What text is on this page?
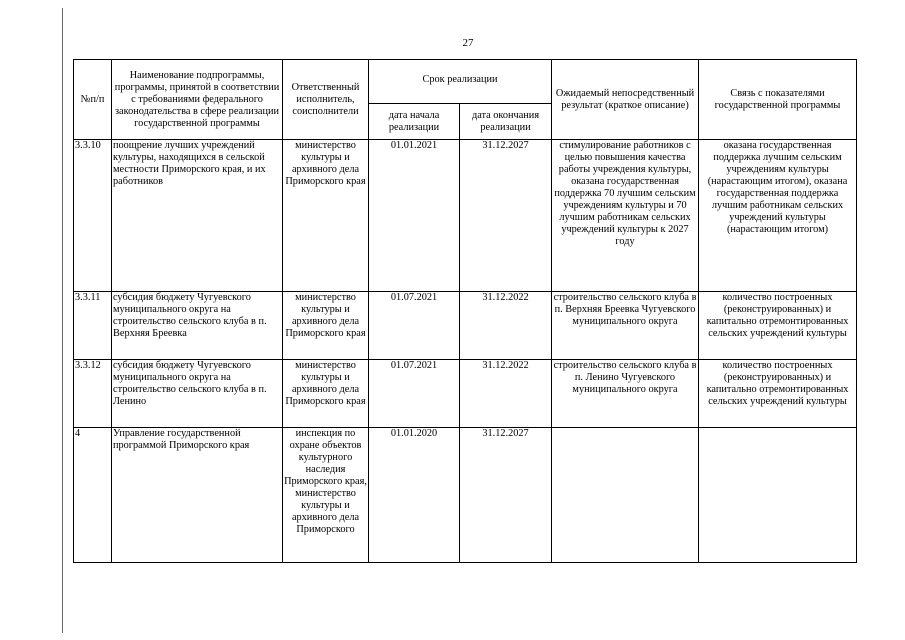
27
№п/п	Наименование подпрограммы, программы, принятой в соответствии с требованиями федерального законодательства в сфере реализации государственной программы	Ответственный исполнитель, соисполнители	Срок реализации		Ожидаемый непосредственный результат (краткое описание)	Связь с показателями государственной программы
			дата начала реализации	дата окончания реализации		
3.3.10	поощрение лучших учреждений культуры, находящихся в сельской местности Приморского края, и их работников	министерство культуры и архивного дела Приморского края	01.01.2021	31.12.2027	стимулирование работников с целью повышения качества работы учреждения культуры, оказана государственная поддержка 70 лучшим сельским учреждениям культуры и 70 лучшим работникам сельских учреждений культуры к 2027 году	оказана государственная поддержка лучшим сельским учреждениям культуры (нарастающим итогом), оказана государственная поддержка лучшим работникам сельских учреждений культуры (нарастающим итогом)
3.3.11	субсидия бюджету Чугуевского муниципального округа на строительство сельского клуба в п. Верхняя Бреевка	министерство культуры и архивного дела Приморского края	01.07.2021	31.12.2022	строительство сельского клуба в п. Верхняя Бреевка Чугуевского муниципального округа	количество построенных (реконструированных) и капитально отремонтированных сельских учреждений культуры
3.3.12	субсидия бюджету Чугуевского муниципального округа на строительство сельского клуба в п. Ленино	министерство культуры и архивного дела Приморского края	01.07.2021	31.12.2022	строительство сельского клуба в п. Ленино Чугуевского муниципального округа	количество построенных (реконструированных) и капитально отремонтированных сельских учреждений культуры
4	Управление государственной программой Приморского края	инспекция по охране объектов культурного наследия Приморского края, министерство культуры и архивного дела Приморского	01.01.2020	31.12.2027		
